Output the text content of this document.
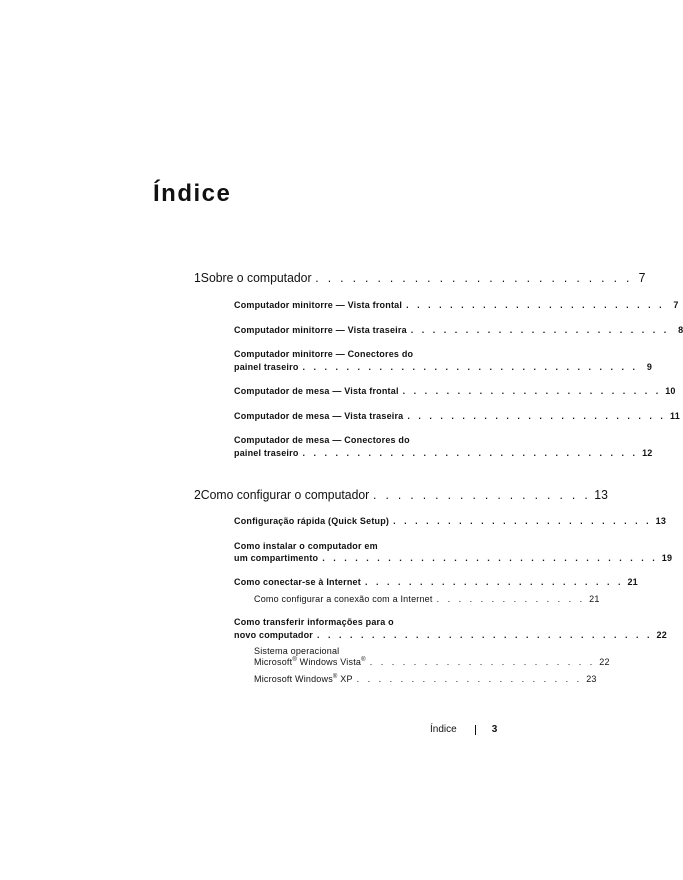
Índice
1 Sobre o computador . . . . . . . . . . . . . . . . . . . . . . . . . . 7
Computador minitorre — Vista frontal . . . . . . . . . . . . . . . . . . . . . . . . 7
Computador minitorre — Vista traseira . . . . . . . . . . . . . . . . . . . . . . . . 8
Computador minitorre — Conectores do
painel traseiro . . . . . . . . . . . . . . . . . . . . . . . . . . . . . . . 9
Computador de mesa — Vista frontal . . . . . . . . . . . . . . . . . . . . . . . . 10
Computador de mesa — Vista traseira . . . . . . . . . . . . . . . . . . . . . . . . 11
Computador de mesa — Conectores do
painel traseiro . . . . . . . . . . . . . . . . . . . . . . . . . . . . . . . 12
2 Como configurar o computador . . . . . . . . . . . . . . . . . . 13
Configuração rápida (Quick Setup) . . . . . . . . . . . . . . . . . . . . . . . . 13
Como instalar o computador em
um compartimento . . . . . . . . . . . . . . . . . . . . . . . . . . . . . . . 19
Como conectar-se à Internet . . . . . . . . . . . . . . . . . . . . . . . . 21
Como configurar a conexão com a Internet . . . . . . . . . . . . . . 21
Como transferir informações para o
novo computador . . . . . . . . . . . . . . . . . . . . . . . . . . . . . . . 22
Sistema operacional
Microsoft® Windows Vista® . . . . . . . . . . . . . . . . . . . . . 22
Microsoft Windows® XP . . . . . . . . . . . . . . . . . . . . . 23
Índice	3
